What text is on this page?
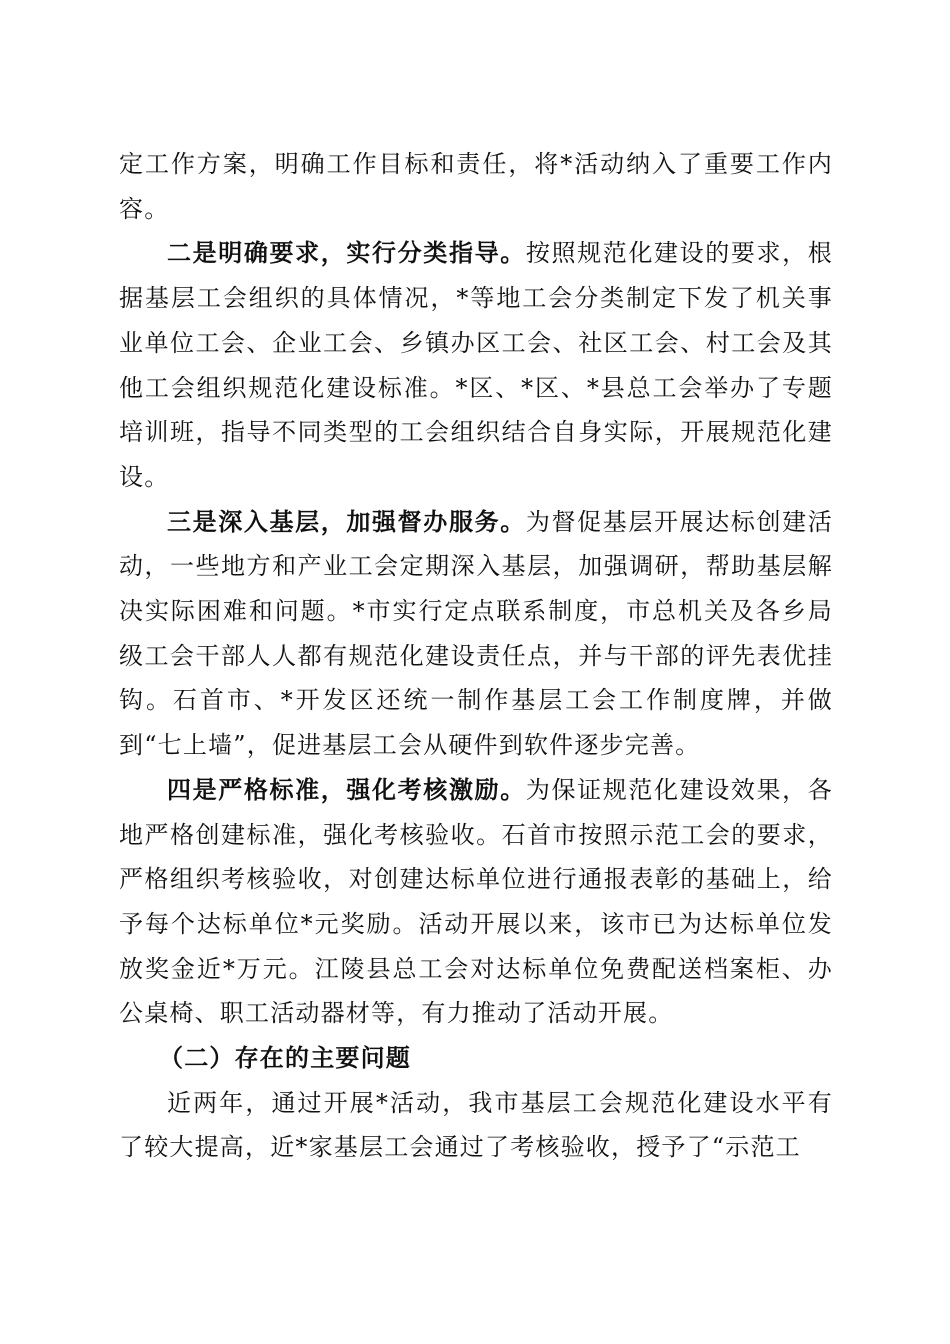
定工作方案，明确工作目标和责任，将*活动纳入了重要工作内容。

二是明确要求，实行分类指导。按照规范化建设的要求，根据基层工会组织的具体情况，*等地工会分类制定下发了机关事业单位工会、企业工会、乡镇办区工会、社区工会、村工会及其他工会组织规范化建设标准。*区、*区、*县总工会举办了专题培训班，指导不同类型的工会组织结合自身实际，开展规范化建设。

三是深入基层，加强督办服务。为督促基层开展达标创建活动，一些地方和产业工会定期深入基层，加强调研，帮助基层解决实际困难和问题。*市实行定点联系制度，市总机关及各乡局级工会干部人人都有规范化建设责任点，并与干部的评先表优挂钩。石首市、*开发区还统一制作基层工会工作制度牌，并做到“七上墙”，促进基层工会从硬件到软件逐步完善。

四是严格标准，强化考核激励。为保证规范化建设效果，各地严格创建标准，强化考核验收。石首市按照示范工会的要求，严格组织考核验收，对创建达标单位进行通报表彰的基础上，给予每个达标单位*元奖励。活动开展以来，该市已为达标单位发放奖金近*万元。江陵县总工会对达标单位免费配送档案柜、办公桌椅、职工活动器材等，有力推动了活动开展。

（二）存在的主要问题

近两年，通过开展*活动，我市基层工会规范化建设水平有了较大提高，近*家基层工会通过了考核验收，授予了“示范工
